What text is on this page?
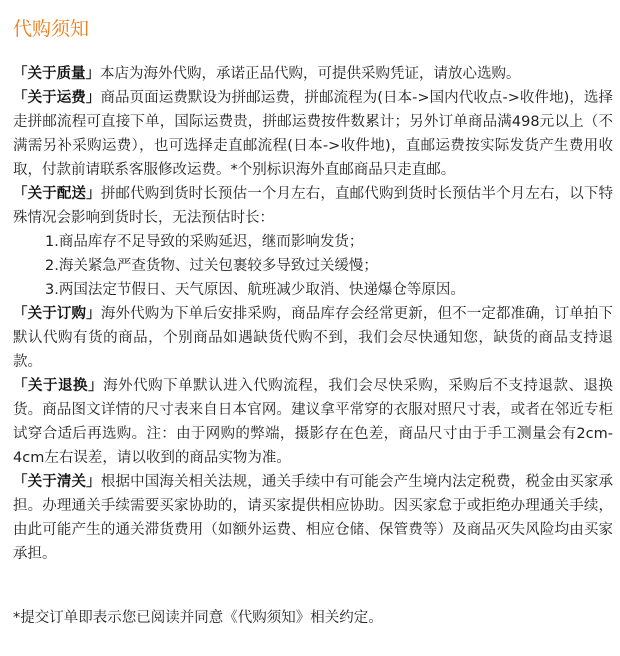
代购须知

「关于质量」本店为海外代购，承诺正品代购，可提供采购凭证，请放心选购。

「关于运费」商品页面运费默设为拼邮运费，拼邮流程为(日本->国内代收点->收件地)，选择走拼邮流程可直接下单，国际运费贵，拼邮运费按件数累计；另外订单商品满498元以上（不满需另补采购运费），也可选择走直邮流程(日本->收件地)，直邮运费按实际发货产生费用收取，付款前请联系客服修改运费。*个别标识海外直邮商品只走直邮。

「关于配送」拼邮代购到货时长预估一个月左右，直邮代购到货时长预估半个月左右，以下特殊情况会影响到货时长，无法预估时长：

1.商品库存不足导致的采购延迟，继而影响发货；
2.海关紧急严查货物、过关包裹较多导致过关缓慢；
3.两国法定节假日、天气原因、航班减少取消、快递爆仓等原因。

「关于订购」海外代购为下单后安排采购，商品库存会经常更新，但不一定都准确，订单拍下默认代购有货的商品，个别商品如遇缺货代购不到，我们会尽快通知您，缺货的商品支持退款。

「关于退换」海外代购下单默认进入代购流程，我们会尽快采购，采购后不支持退款、退换货。商品图文详情的尺寸表来自日本官网。建议拿平常穿的衣服对照尺寸表，或者在邻近专柜试穿合适后再选购。注：由于网购的弊端，摄影存在色差，商品尺寸由于手工测量会有2cm-4cm左右误差，请以收到的商品实物为准。

「关于清关」根据中国海关相关法规，通关手续中有可能会产生境内法定税费，税金由买家承担。办理通关手续需要买家协助的，请买家提供相应协助。因买家怠于或拒绝办理通关手续，由此可能产生的通关滞货费用（如额外运费、相应仓储、保管费等）及商品灭失风险均由买家承担。

*提交订单即表示您已阅读并同意《代购须知》相关约定。
